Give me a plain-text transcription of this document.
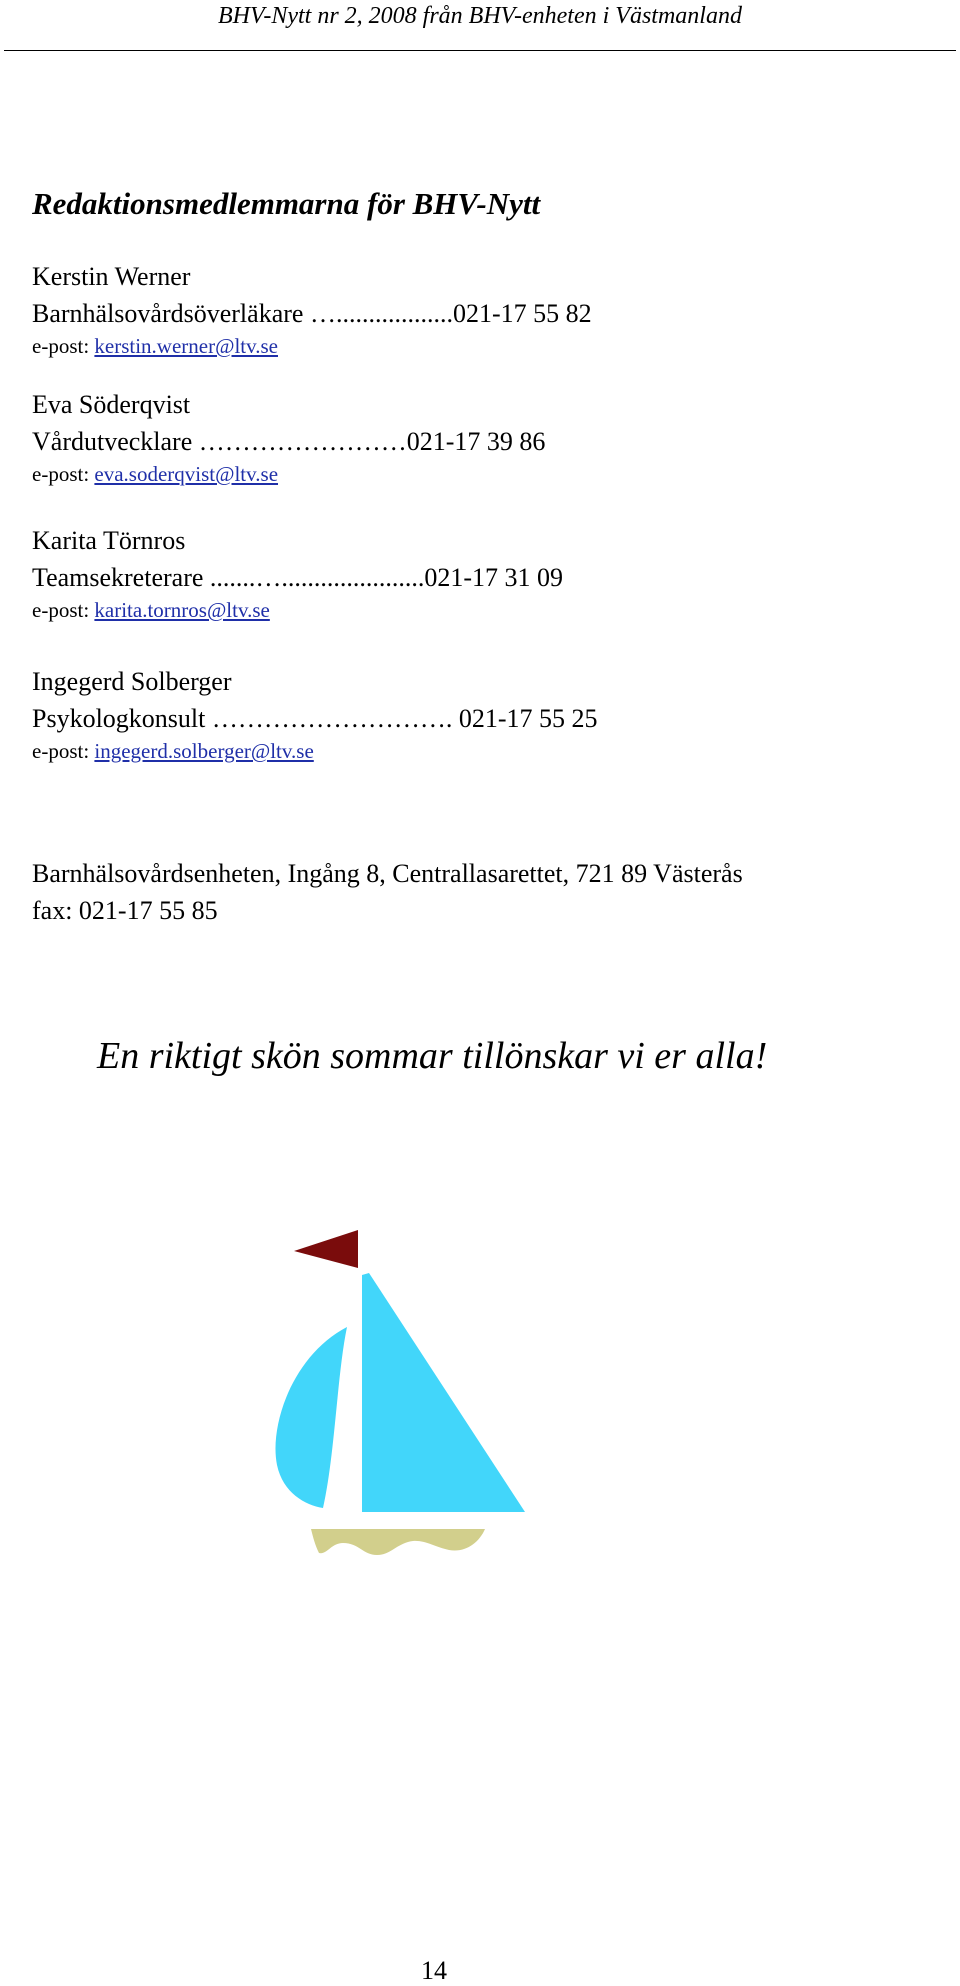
BHV-Nytt nr 2, 2008 från BHV-enheten i Västmanland
Redaktionsmedlemmarna för BHV-Nytt
Kerstin Werner
Barnhälsovårdsöverläkare …..................021-17 55 82
e-post: kerstin.werner@ltv.se
Eva Söderqvist
Vårdutvecklare ……………………021-17 39 86
e-post: eva.soderqvist@ltv.se
Karita Törnros
Teamsekreterare .......…......................021-17 31 09
e-post: karita.tornros@ltv.se
Ingegerd Solberger
Psykologkonsult ………………………. 021-17 55 25
e-post: ingegerd.solberger@ltv.se
Barnhälsovårdsenheten, Ingång 8, Centrallasarettet, 721 89 Västerås
fax: 021-17 55 85
En riktigt skön sommar tillönskar vi er alla!
14
